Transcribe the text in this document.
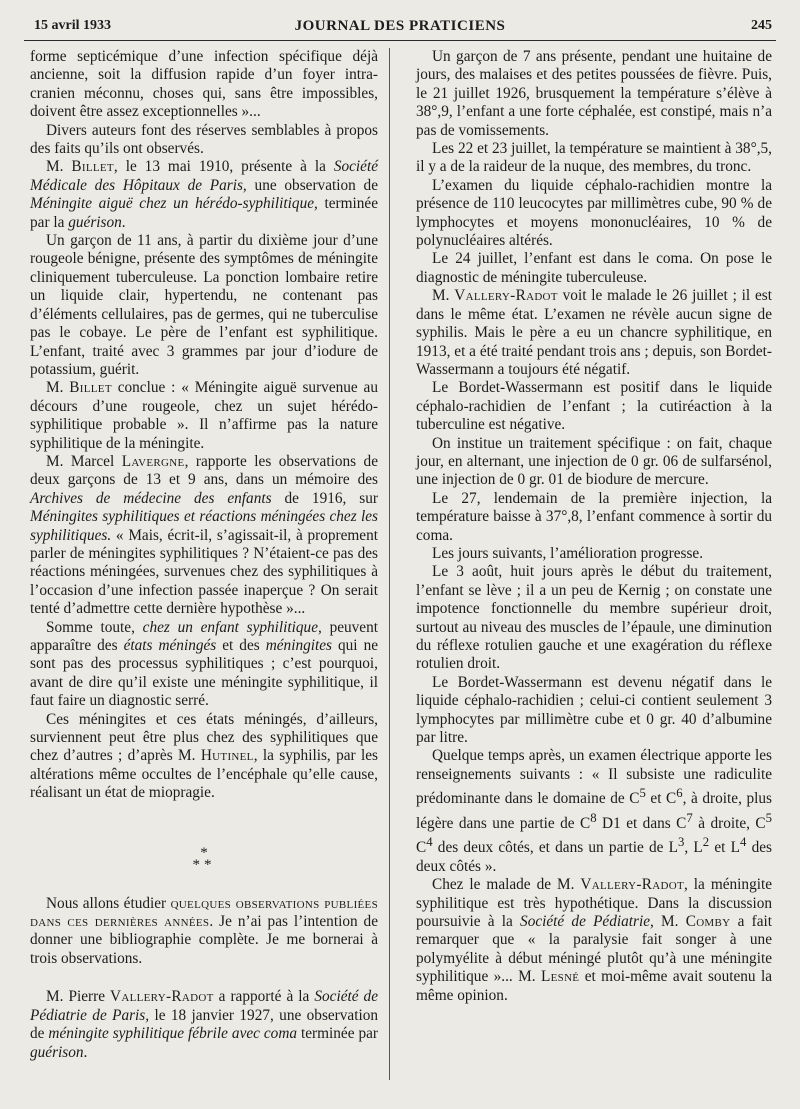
15 avril 1933	JOURNAL DES PRATICIENS	245

forme septicémique d’une infection spécifique déjà ancienne, soit la diffusion rapide d’un foyer intra-cranien méconnu, choses qui, sans être impossibles, doivent être assez exceptionnelles »...

Divers auteurs font des réserves semblables à propos des faits qu’ils ont observés.

M. Billet, le 13 mai 1910, présente à la Société Médicale des Hôpitaux de Paris, une observation de Méningite aiguë chez un hérédo-syphilitique, terminée par la guérison.

Un garçon de 11 ans, à partir du dixième jour d’une rougeole bénigne, présente des symptômes de méningite cliniquement tuberculeuse. La ponction lombaire retire un liquide clair, hypertendu, ne contenant pas d’éléments cellulaires, pas de germes, qui ne tuberculise pas le cobaye. Le père de l’enfant est syphilitique. L’enfant, traité avec 3 grammes par jour d’iodure de potassium, guérit.

M. Billet conclue : « Méningite aiguë survenue au décours d’une rougeole, chez un sujet hérédo-syphilitique probable ». Il n’affirme pas la nature syphilitique de la méningite.

M. Marcel Lavergne, rapporte les observations de deux garçons de 13 et 9 ans, dans un mémoire des Archives de médecine des enfants de 1916, sur Méningites syphilitiques et réactions méningées chez les syphilitiques. « Mais, écrit-il, s’agissait-il, à proprement parler de méningites syphilitiques ? N’étaient-ce pas des réactions méningées, survenues chez des syphilitiques à l’occasion d’une infection passée inaperçue ? On serait tenté d’admettre cette dernière hypothèse »...

Somme toute, chez un enfant syphilitique, peuvent apparaître des états méningés et des méningites qui ne sont pas des processus syphilitiques ; c’est pourquoi, avant de dire qu’il existe une méningite syphilitique, il faut faire un diagnostic serré.

Ces méningites et ces états méningés, d’ailleurs, surviennent peut être plus chez des syphilitiques que chez d’autres ; d’après M. Hutinel, la syphilis, par les altérations même occultes de l’encéphale qu’elle cause, réalisant un état de miopragie.

*
**

Nous allons étudier quelques observations publiées dans ces dernières années. Je n’ai pas l’intention de donner une bibliographie complète. Je me bornerai à trois observations.

M. Pierre Vallery-Radot a rapporté à la Société de Pédiatrie de Paris, le 18 janvier 1927, une observation de méningite syphilitique fébrile avec coma terminée par guérison.

Un garçon de 7 ans présente, pendant une huitaine de jours, des malaises et des petites poussées de fièvre. Puis, le 21 juillet 1926, brusquement la température s’élève à 38°,9, l’enfant a une forte céphalée, est constipé, mais n’a pas de vomissements.

Les 22 et 23 juillet, la température se maintient à 38°,5, il y a de la raideur de la nuque, des membres, du tronc.

L’examen du liquide céphalo-rachidien montre la présence de 110 leucocytes par millimètres cube, 90 % de lymphocytes et moyens mononucléaires, 10 % de polynucléaires altérés.

Le 24 juillet, l’enfant est dans le coma. On pose le diagnostic de méningite tuberculeuse.

M. Vallery-Radot voit le malade le 26 juillet ; il est dans le même état. L’examen ne révèle aucun signe de syphilis. Mais le père a eu un chancre syphilitique, en 1913, et a été traité pendant trois ans ; depuis, son Bordet-Wassermann a toujours été négatif.

Le Bordet-Wassermann est positif dans le liquide céphalo-rachidien de l’enfant ; la cutiréaction à la tuberculine est négative.

On institue un traitement spécifique : on fait, chaque jour, en alternant, une injection de 0 gr. 06 de sulfarsénol, une injection de 0 gr. 01 de biodure de mercure.

Le 27, lendemain de la première injection, la température baisse à 37°,8, l’enfant commence à sortir du coma.

Les jours suivants, l’amélioration progresse.

Le 3 août, huit jours après le début du traitement, l’enfant se lève ; il a un peu de Kernig ; on constate une impotence fonctionnelle du membre supérieur droit, surtout au niveau des muscles de l’épaule, une diminution du réflexe rotulien gauche et une exagération du réflexe rotulien droit.

Le Bordet-Wassermann est devenu négatif dans le liquide céphalo-rachidien ; celui-ci contient seulement 3 lymphocytes par millimètre cube et 0 gr. 40 d’albumine par litre.

Quelque temps après, un examen électrique apporte les renseignements suivants : « Il subsiste une radiculite prédominante dans le domaine de $C^5$ et $C^6$, à droite, plus légère dans une partie de $C^8$ D1 et dans $C^7$ à droite, $C^5$ $C^4$ des deux côtés, et dans un partie de $L^3$, $L^2$ et $L^4$ des deux côtés ».

Chez le malade de M. Vallery-Radot, la méningite syphilitique est très hypothétique. Dans la discussion poursuivie à la Société de Pédiatrie, M. Comby a fait remarquer que « la paralysie fait songer à une polymyélite à début méningé plutôt qu’à une méningite syphilitique »... M. Lesné et moi-même avait soutenu la même opinion.
